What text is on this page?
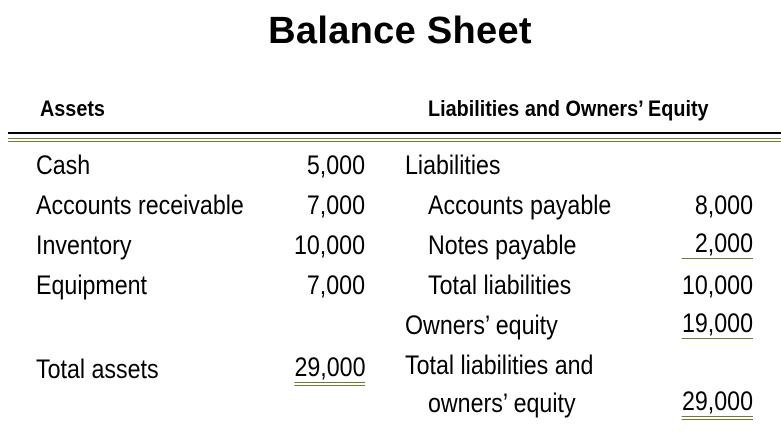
Balance Sheet
Assets	Liabilities and Owners’ Equity
Cash	5,000
Accounts receivable	7,000
Inventory	10,000
Equipment	7,000
Total assets	29,000
Liabilities
Accounts payable	8,000
Notes payable	2,000
Total liabilities	10,000
Owners’ equity	19,000
Total liabilities and
owners’ equity	29,000
